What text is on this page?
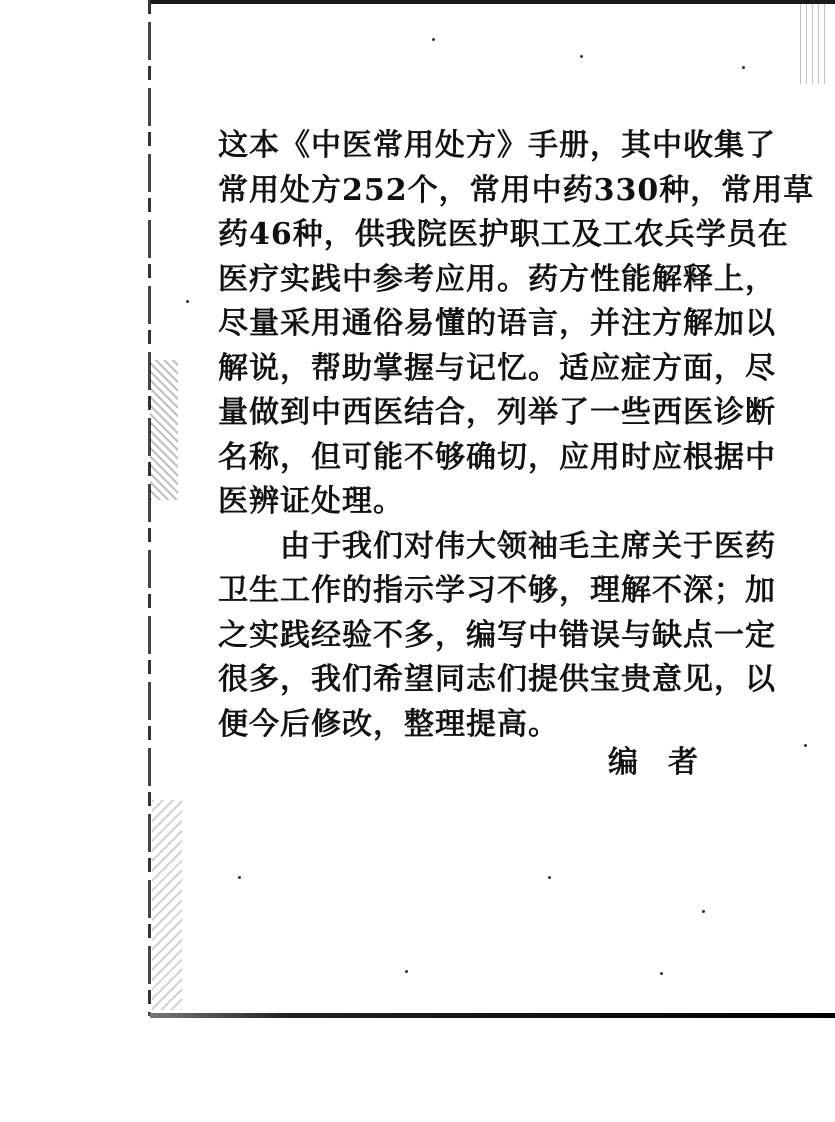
这本《中医常用处方》手册，其中收集了
常用处方252个，常用中药330种，常用草
药46种，供我院医护职工及工农兵学员在
医疗实践中参考应用。药方性能解释上，
尽量采用通俗易懂的语言，并注方解加以
解说，帮助掌握与记忆。适应症方面，尽
量做到中西医结合，列举了一些西医诊断
名称，但可能不够确切，应用时应根据中
医辨证处理。
由于我们对伟大领袖毛主席关于医药
卫生工作的指示学习不够，理解不深；加
之实践经验不多，编写中错误与缺点一定
很多，我们希望同志们提供宝贵意见，以
便今后修改，整理提高。
编者
